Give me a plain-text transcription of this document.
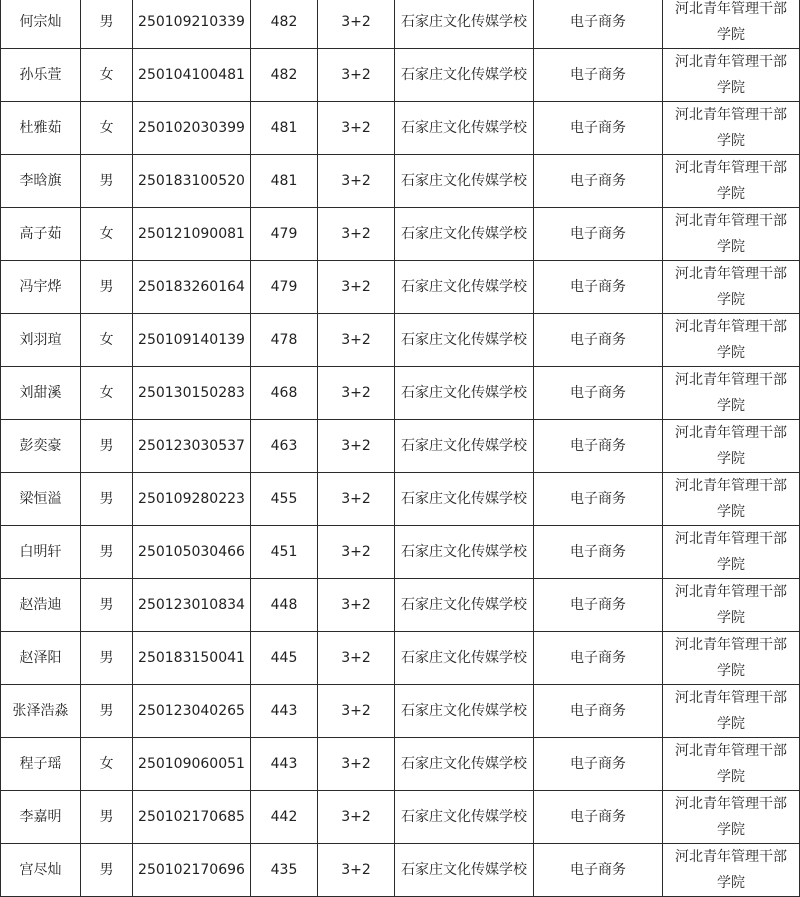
何宗灿	男	250109210339	482	3+2	石家庄文化传媒学校	电子商务	河北青年管理干部学院
孙乐萱	女	250104100481	482	3+2	石家庄文化传媒学校	电子商务	河北青年管理干部学院
杜雅茹	女	250102030399	481	3+2	石家庄文化传媒学校	电子商务	河北青年管理干部学院
李晗旗	男	250183100520	481	3+2	石家庄文化传媒学校	电子商务	河北青年管理干部学院
高子茹	女	250121090081	479	3+2	石家庄文化传媒学校	电子商务	河北青年管理干部学院
冯宇烨	男	250183260164	479	3+2	石家庄文化传媒学校	电子商务	河北青年管理干部学院
刘羽瑄	女	250109140139	478	3+2	石家庄文化传媒学校	电子商务	河北青年管理干部学院
刘甜溪	女	250130150283	468	3+2	石家庄文化传媒学校	电子商务	河北青年管理干部学院
彭奕豪	男	250123030537	463	3+2	石家庄文化传媒学校	电子商务	河北青年管理干部学院
梁恒溢	男	250109280223	455	3+2	石家庄文化传媒学校	电子商务	河北青年管理干部学院
白明轩	男	250105030466	451	3+2	石家庄文化传媒学校	电子商务	河北青年管理干部学院
赵浩迪	男	250123010834	448	3+2	石家庄文化传媒学校	电子商务	河北青年管理干部学院
赵泽阳	男	250183150041	445	3+2	石家庄文化传媒学校	电子商务	河北青年管理干部学院
张泽浩淼	男	250123040265	443	3+2	石家庄文化传媒学校	电子商务	河北青年管理干部学院
程子瑶	女	250109060051	443	3+2	石家庄文化传媒学校	电子商务	河北青年管理干部学院
李嘉明	男	250102170685	442	3+2	石家庄文化传媒学校	电子商务	河北青年管理干部学院
宫尽灿	男	250102170696	435	3+2	石家庄文化传媒学校	电子商务	河北青年管理干部学院
